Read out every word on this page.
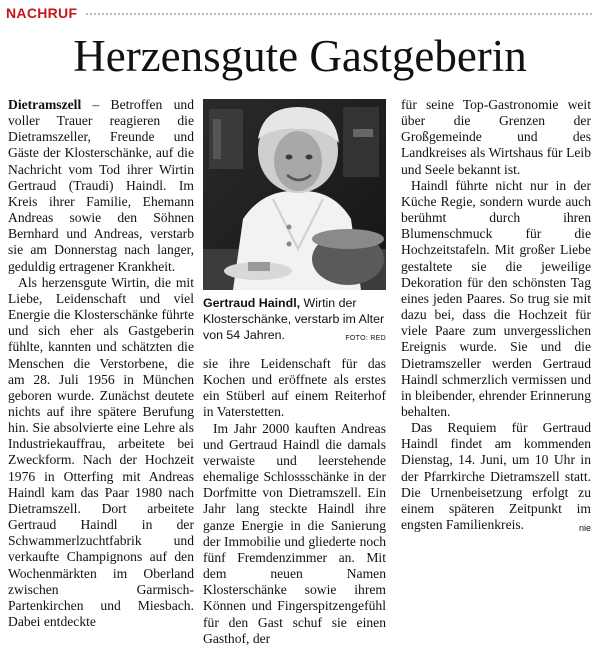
NACHRUF
Herzensgute Gastgeberin

Dietramszell – Betroffen und voller Trauer reagieren die Dietramszeller, Freunde und Gäste der Klosterschänke, auf die Nachricht vom Tod ihrer Wirtin Gertraud (Traudi) Haindl. Im Kreis ihrer Familie, Ehemann Andreas sowie den Söhnen Bernhard und Andreas, verstarb sie am Donnerstag nach langer, geduldig ertragener Krankheit.

Als herzensgute Wirtin, die mit Liebe, Leidenschaft und viel Energie die Klosterschänke führte und sich eher als Gastgeberin fühlte, kannten und schätzten die Menschen die Verstorbene, die am 28. Juli 1956 in München geboren wurde. Zunächst deutete nichts auf ihre spätere Berufung hin. Sie absolvierte eine Lehre als Industriekauffrau, arbeitete bei Zweckform. Nach der Hochzeit 1976 in Otterfing mit Andreas Haindl kam das Paar 1980 nach Dietramszell. Dort arbeitete Gertraud Haindl in der Schwammerlzuchtfabrik und verkaufte Champignons auf den Wochenmärkten im Oberland zwischen Garmisch-Partenkirchen und Miesbach. Dabei entdeckte

Gertraud Haindl, Wirtin der Klosterschänke, verstarb im Alter von 54 Jahren.	FOTO: RED

sie ihre Leidenschaft für das Kochen und eröffnete als erstes ein Stüberl auf einem Reiterhof in Vaterstetten.

Im Jahr 2000 kauften Andreas und Gertraud Haindl die damals verwaiste und leerstehende ehemalige Schlossschänke in der Dorfmitte von Dietramszell. Ein Jahr lang steckte Haindl ihre ganze Energie in die Sanierung der Immobilie und gliederte noch fünf Fremdenzimmer an. Mit dem neuen Namen Klosterschänke sowie ihrem Können und Fingerspitzengefühl für den Gast schuf sie einen Gasthof, der

für seine Top-Gastronomie weit über die Grenzen der Großgemeinde und des Landkreises als Wirtshaus für Leib und Seele bekannt ist.

Haindl führte nicht nur in der Küche Regie, sondern wurde auch berühmt durch ihren Blumenschmuck für die Hochzeitstafeln. Mit großer Liebe gestaltete sie die jeweilige Dekoration für den schönsten Tag eines jeden Paares. So trug sie mit dazu bei, dass die Hochzeit für viele Paare zum unvergesslichen Ereignis wurde. Sie und die Dietramszeller werden Gertraud Haindl schmerzlich vermissen und in bleibender, ehrender Erinnerung behalten.

Das Requiem für Gertraud Haindl findet am kommenden Dienstag, 14. Juni, um 10 Uhr in der Pfarrkirche Dietramszell statt. Die Urnenbeisetzung erfolgt zu einem späteren Zeitpunkt im engsten Familienkreis.	nie
